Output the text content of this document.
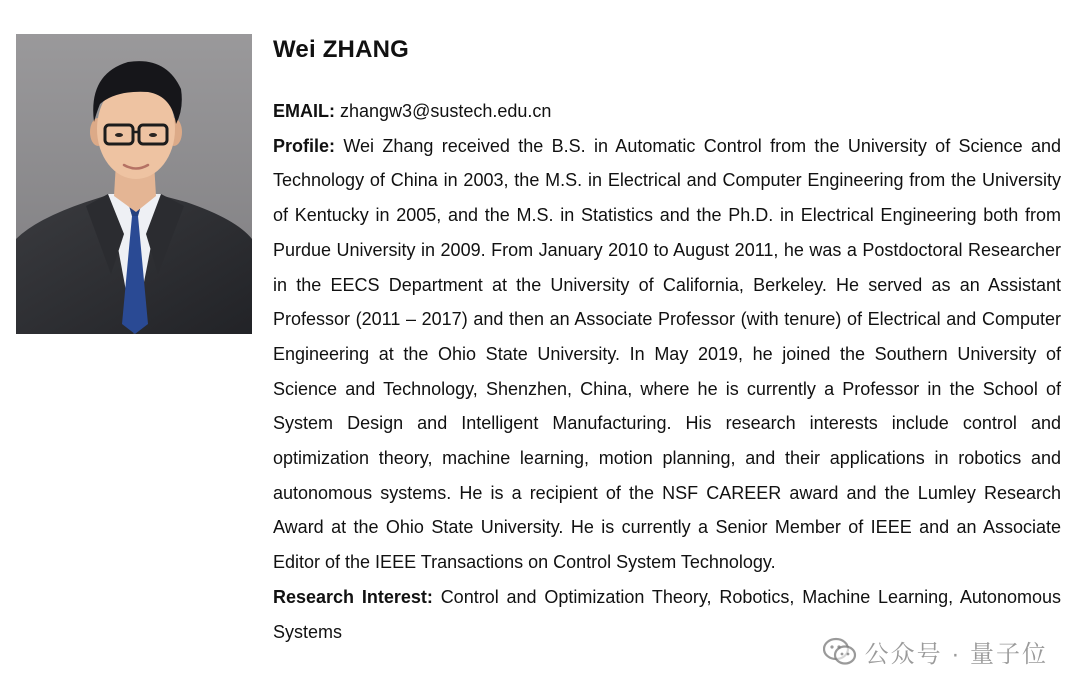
Wei ZHANG

EMAIL: zhangw3@sustech.edu.cn

Profile: Wei Zhang received the B.S. in Automatic Control from the University of Science and Technology of China in 2003, the M.S. in Electrical and Computer Engineering from the University of Kentucky in 2005, and the M.S. in Statistics and the Ph.D. in Electrical Engineering both from Purdue University in 2009. From January 2010 to August 2011, he was a Postdoctoral Researcher in the EECS Department at the University of California, Berkeley. He served as an Assistant Professor (2011 – 2017) and then an Associate Professor (with tenure) of Electrical and Computer Engineering at the Ohio State University. In May 2019, he joined the Southern University of Science and Technology, Shenzhen, China, where he is currently a Professor in the School of System Design and Intelligent Manufacturing. His research interests include control and optimization theory, machine learning, motion planning, and their applications in robotics and autonomous systems. He is a recipient of the NSF CAREER award and the Lumley Research Award at the Ohio State University. He is currently a Senior Member of IEEE and an Associate Editor of the IEEE Transactions on Control System Technology.

Research Interest: Control and Optimization Theory, Robotics, Machine Learning, Autonomous Systems

公众号 · 量子位
